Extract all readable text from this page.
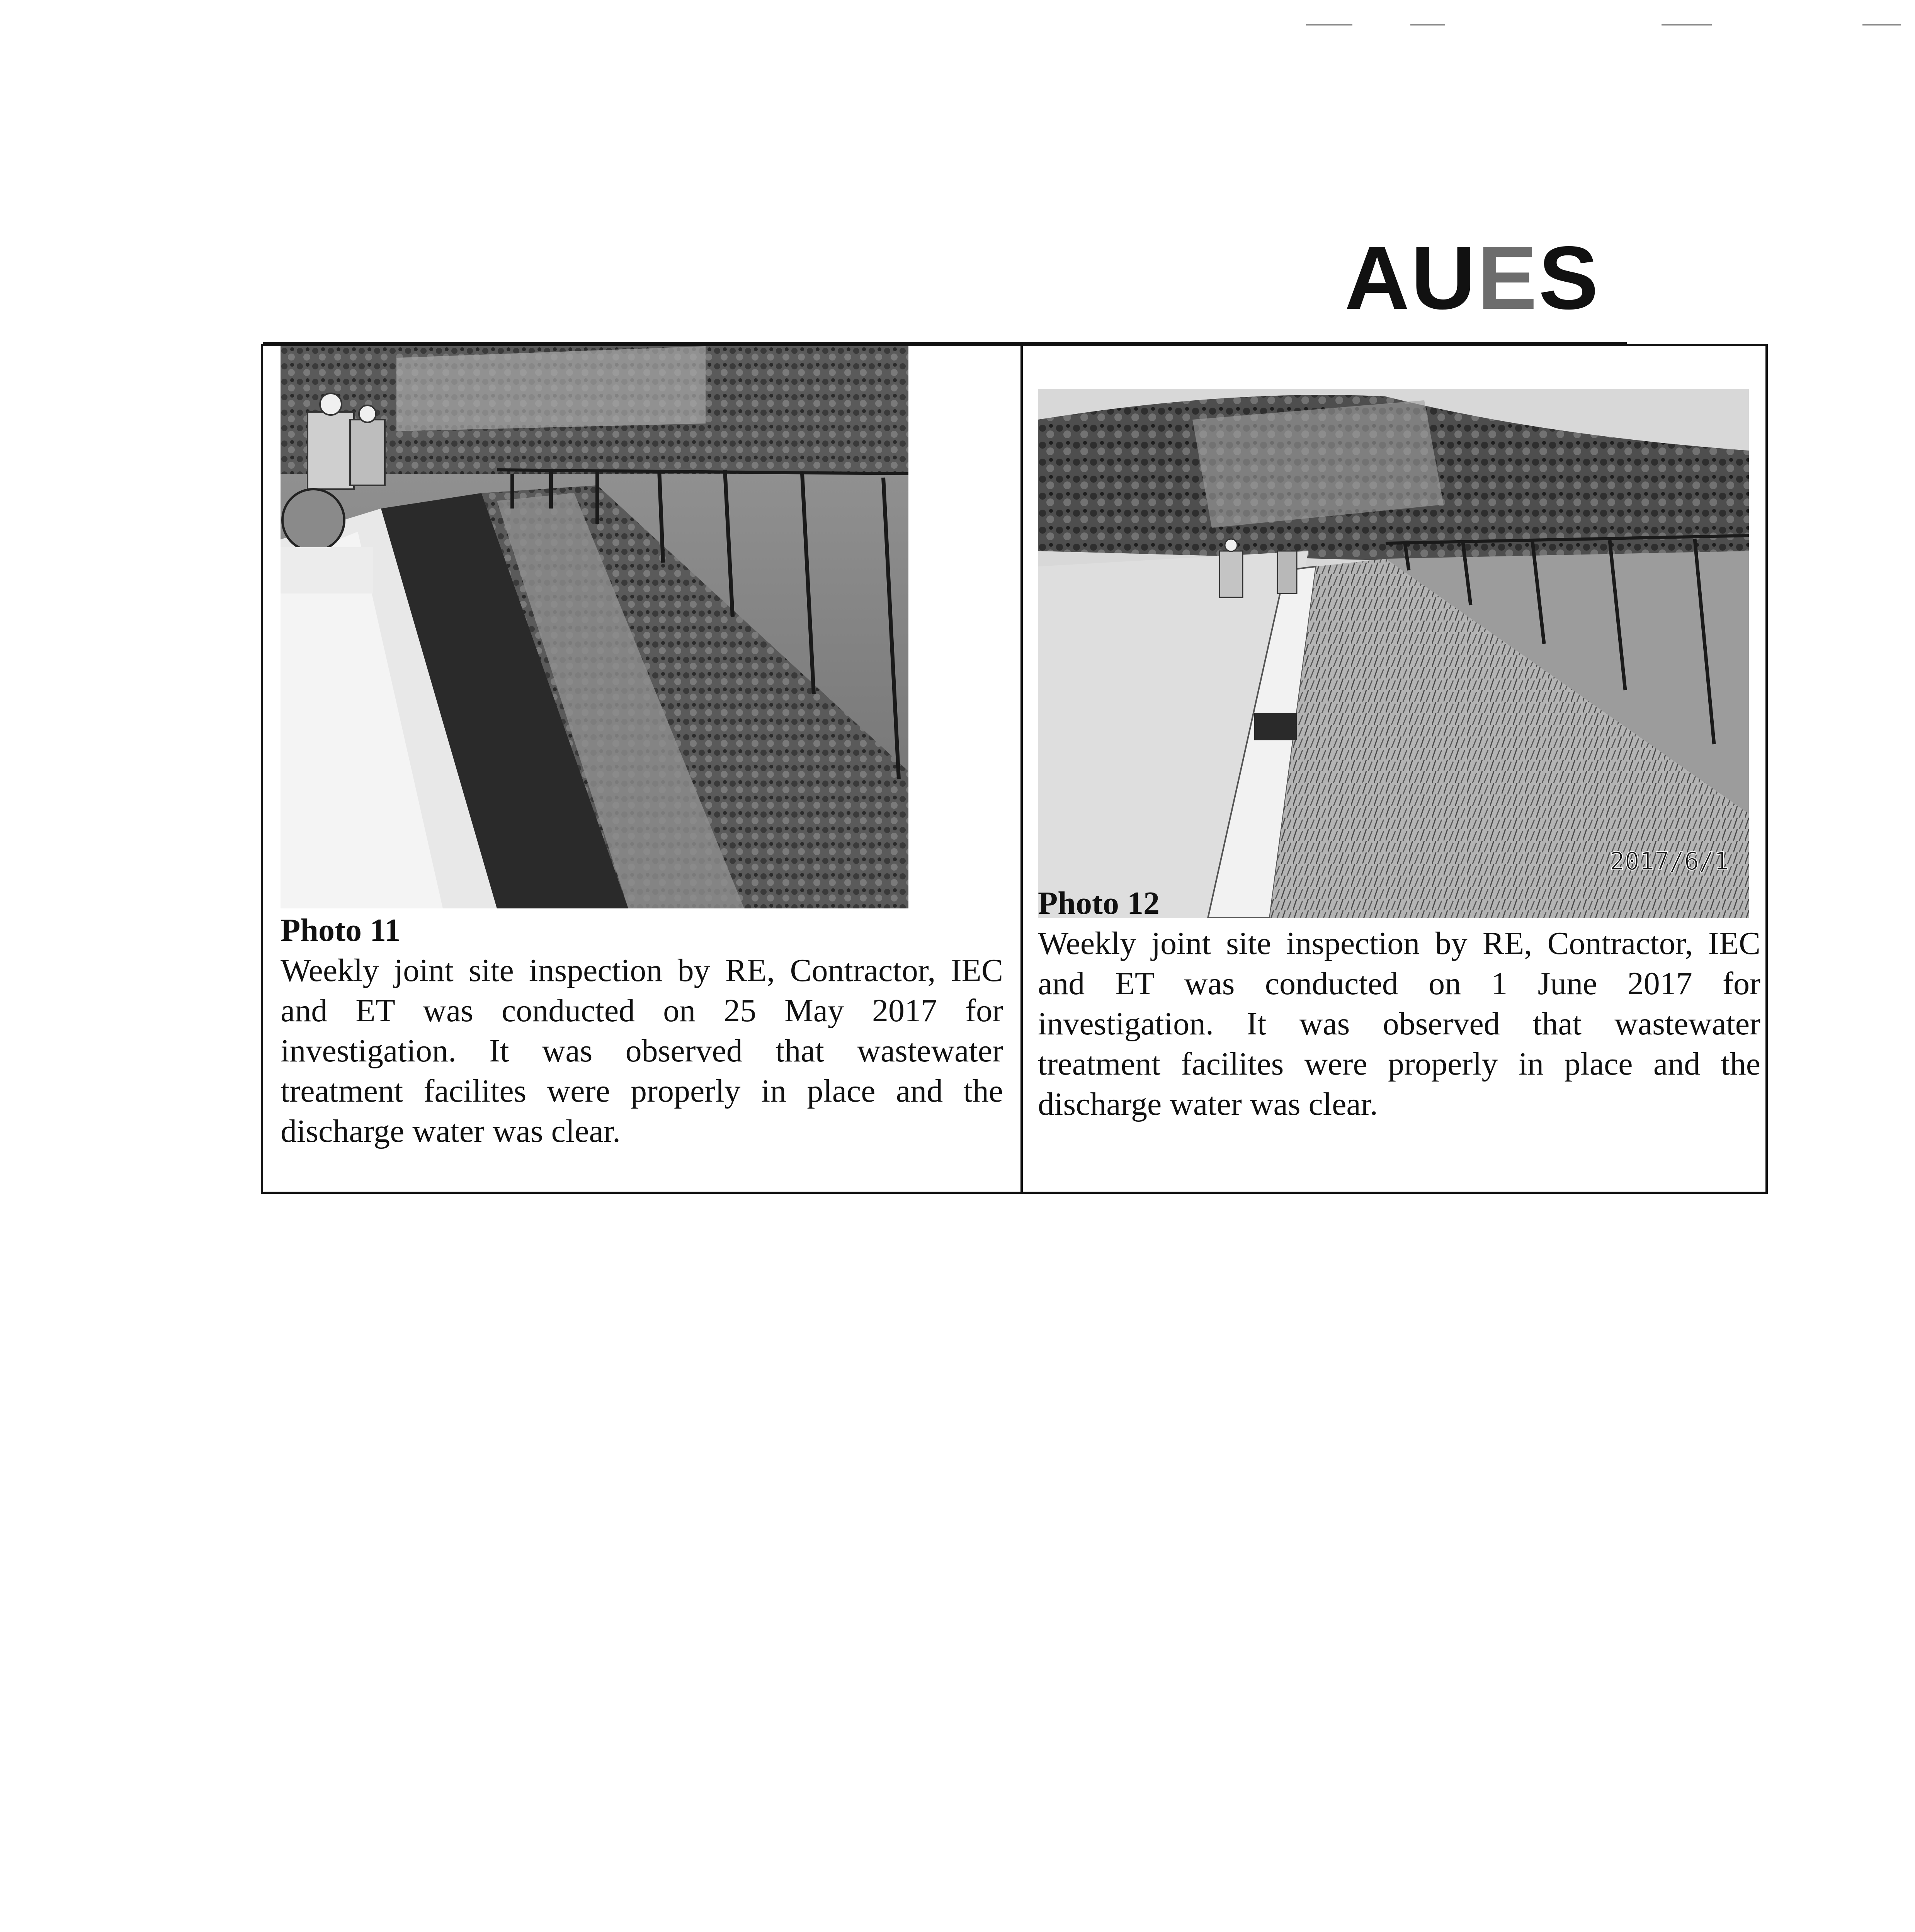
AUES
Photo 11
Weekly joint site inspection by RE, Contractor, IEC and ET was conducted on 25 May 2017 for investigation. It was observed that wastewater treatment facilites were properly in place and the discharge water was clear.
2017/6/1
Photo 12
Weekly joint site inspection by RE, Contractor, IEC and ET was conducted on 1 June 2017 for investigation. It was observed that wastewater treatment facilites were properly in place and the discharge water was clear.
